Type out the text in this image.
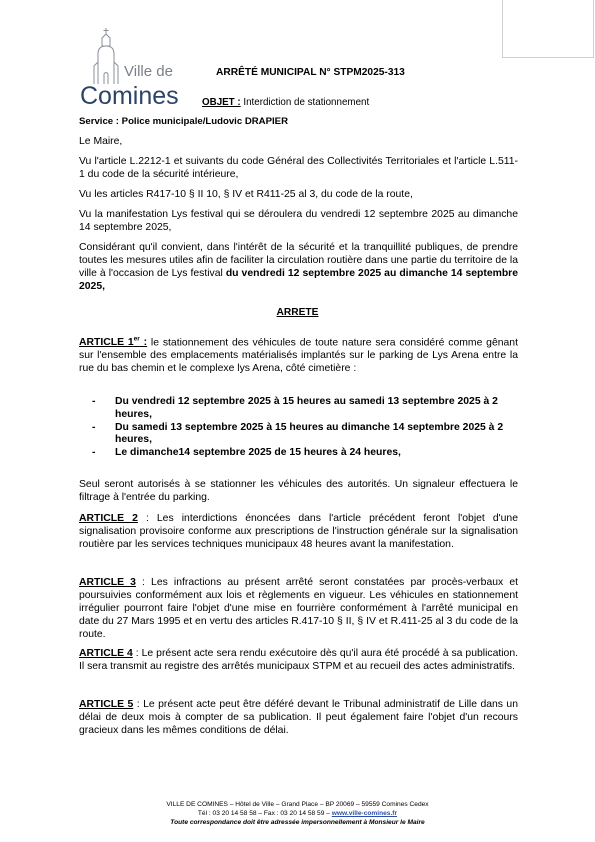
Ville de
Comines
ARRÊTÉ MUNICIPAL N° STPM2025-313
OBJET : Interdiction de stationnement
Service : Police municipale/Ludovic DRAPIER
Le Maire,
Vu l'article L.2212-1 et suivants du code Général des Collectivités Territoriales et l'article L.511-1 du code de la sécurité intérieure,
Vu les articles R417-10 § II 10, § IV et R411-25 al 3, du code de la route,
Vu la manifestation Lys festival qui se déroulera du vendredi 12 septembre 2025 au dimanche 14 septembre 2025,
Considérant qu'il convient, dans l'intérêt de la sécurité et la tranquillité publiques, de prendre toutes les mesures utiles afin de faciliter la circulation routière dans une partie du territoire de la ville à l'occasion de Lys festival du vendredi 12 septembre 2025 au dimanche 14 septembre 2025,
ARRETE
ARTICLE 1er : le stationnement des véhicules de toute nature sera considéré comme gênant sur l'ensemble des emplacements matérialisés implantés sur le parking de Lys Arena entre la rue du bas chemin et le complexe lys Arena, côté cimetière :
-	Du vendredi 12 septembre 2025 à 15 heures au samedi 13 septembre 2025 à 2 heures,
-	Du samedi 13 septembre 2025 à 15 heures au dimanche 14 septembre 2025 à 2 heures,
-	Le dimanche14 septembre 2025 de 15 heures à 24 heures,
Seul seront autorisés à se stationner les véhicules des autorités. Un signaleur effectuera le filtrage à l'entrée du parking.
ARTICLE 2 : Les interdictions énoncées dans l'article précédent feront l'objet d'une signalisation provisoire conforme aux prescriptions de l'instruction générale sur la signalisation routière par les services techniques municipaux 48 heures avant la manifestation.
ARTICLE 3 : Les infractions au présent arrêté seront constatées par procès-verbaux et poursuivies conformément aux lois et règlements en vigueur. Les véhicules en stationnement irrégulier pourront faire l'objet d'une mise en fourrière conformément à l'arrêté municipal en date du 27 Mars 1995 et en vertu des articles R.417-10 § II, § IV et R.411-25 al 3 du code de la route.
ARTICLE 4 : Le présent acte sera rendu exécutoire dès qu'il aura été procédé à sa publication. Il sera transmit au registre des arrêtés municipaux STPM et au recueil des actes administratifs.
ARTICLE 5 : Le présent acte peut être déféré devant le Tribunal administratif de Lille dans un délai de deux mois à compter de sa publication. Il peut également faire l'objet d'un recours gracieux dans les mêmes conditions de délai.
VILLE DE COMINES – Hôtel de Ville – Grand Place – BP 20069 – 59559 Comines Cedex
Tél : 03 20 14 58 58 – Fax : 03 20 14 58 59 – www.ville-comines.fr
Toute correspondance doit être adressée impersonnellement à Monsieur le Maire
